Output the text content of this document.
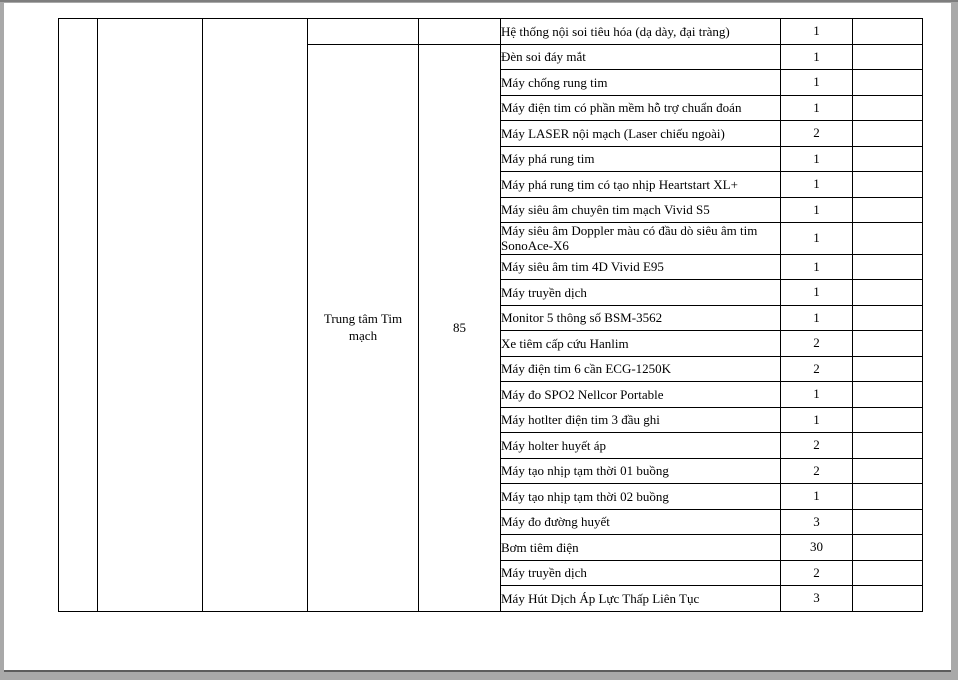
					Hệ thống nội soi tiêu hóa (dạ dày, đại tràng)	1	

			Trung tâm Tim mạch	85	Đèn soi đáy mắt	1	
					Máy chống rung tim	1	
					Máy điện tim có phần mềm hỗ trợ chuẩn đoán	1	
					Máy LASER nội mạch (Laser chiếu ngoài)	2	
					Máy phá rung tim	1	
					Máy phá rung tim có tạo nhịp Heartstart XL+	1	
					Máy siêu âm chuyên tim mạch Vivid S5	1	
					Máy siêu âm Doppler màu có đầu dò siêu âm tim SonoAce-X6	1	
					Máy siêu âm tim 4D Vivid E95	1	
					Máy truyền dịch	1	
					Monitor 5 thông số BSM-3562	1	
					Xe tiêm cấp cứu Hanlim	2	
					Máy điện tim 6 cần ECG-1250K	2	
					Máy đo SPO2 Nellcor Portable	1	
					Máy hotlter điện tim 3 đầu ghi	1	
					Máy holter huyết áp	2	
					Máy tạo nhịp tạm thời 01 buồng	2	
					Máy tạo nhịp tạm thời 02 buồng	1	
					Máy đo đường huyết	3	
					Bơm tiêm điện	30	
					Máy truyền dịch	2	
					Máy Hút Dịch Áp Lực Thấp Liên Tục	3	
